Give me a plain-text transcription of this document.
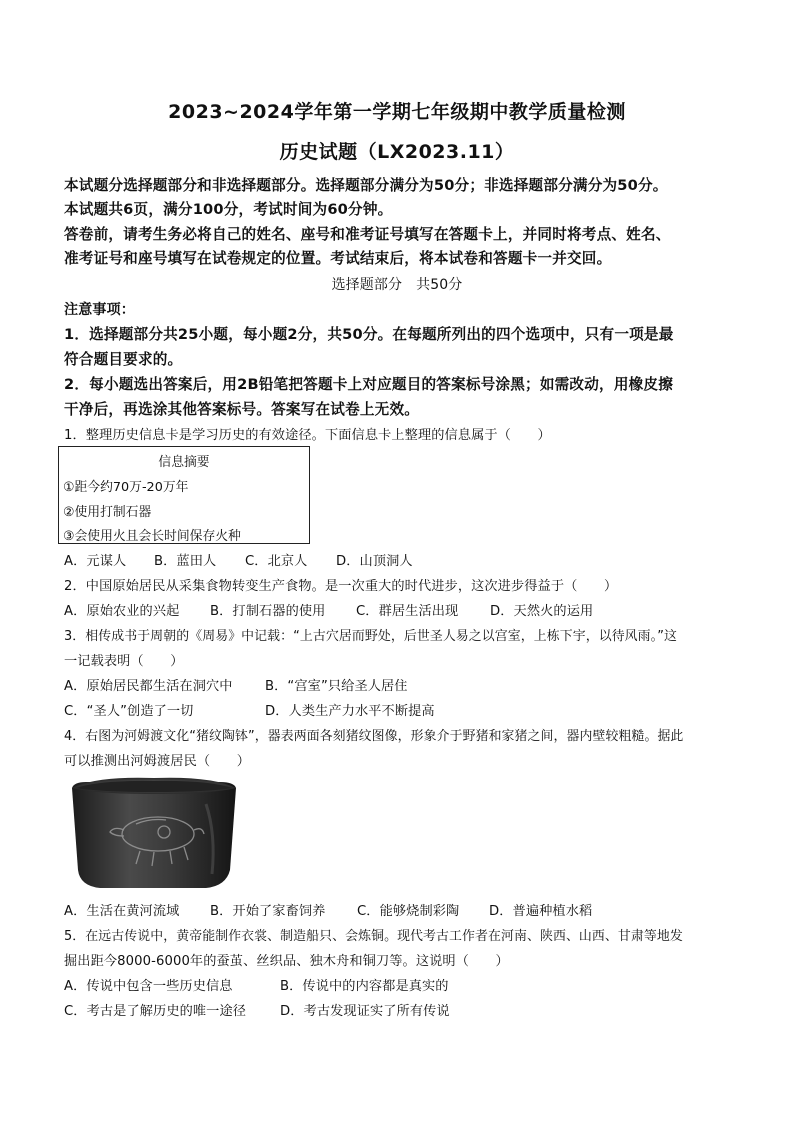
2023~2024学年第一学期七年级期中教学质量检测
历史试题（LX2023.11）
本试题分选择题部分和非选择题部分。选择题部分满分为50分；非选择题部分满分为50分。
本试题共6页，满分100分，考试时间为60分钟。
答卷前，请考生务必将自己的姓名、座号和准考证号填写在答题卡上，并同时将考点、姓名、
准考证号和座号填写在试卷规定的位置。考试结束后，将本试卷和答题卡一并交回。
选择题部分　共50分
注意事项：
1．选择题部分共25小题，每小题2分，共50分。在每题所列出的四个选项中，只有一项是最
符合题目要求的。
2．每小题选出答案后，用2B铅笔把答题卡上对应题目的答案标号涂黑；如需改动，用橡皮擦
干净后，再选涂其他答案标号。答案写在试卷上无效。
1．整理历史信息卡是学习历史的有效途径。下面信息卡上整理的信息属于（　　）
信息摘要
①距今约70万-20万年
②使用打制石器
③会使用火且会长时间保存火种
A．元谋人 B．蓝田人 C．北京人 D．山顶洞人
2．中国原始居民从采集食物转变生产食物。是一次重大的时代进步，这次进步得益于（　　）
A．原始农业的兴起 B．打制石器的使用 C．群居生活出现 D．天然火的运用
3．相传成书于周朝的《周易》中记载：“上古穴居而野处，后世圣人易之以宫室，上栋下宇，以待风雨。”这
一记载表明（　　）
A．原始居民都生活在洞穴中 B．“宫室”只给圣人居住
C．“圣人”创造了一切	D．人类生产力水平不断提高
4．右图为河姆渡文化“猪纹陶钵”，器表两面各刻猪纹图像，形象介于野猪和家猪之间，器内壁较粗糙。据此
可以推测出河姆渡居民（　　）
A．生活在黄河流域 B．开始了家畜饲养 C．能够烧制彩陶 D．普遍种植水稻
5．在远古传说中，黄帝能制作衣裳、制造船只、会炼铜。现代考古工作者在河南、陕西、山西、甘肃等地发
掘出距今8000-6000年的蚕茧、丝织品、独木舟和铜刀等。这说明（　　）
A．传说中包含一些历史信息	B．传说中的内容都是真实的
C．考古是了解历史的唯一途径	D．考古发现证实了所有传说
